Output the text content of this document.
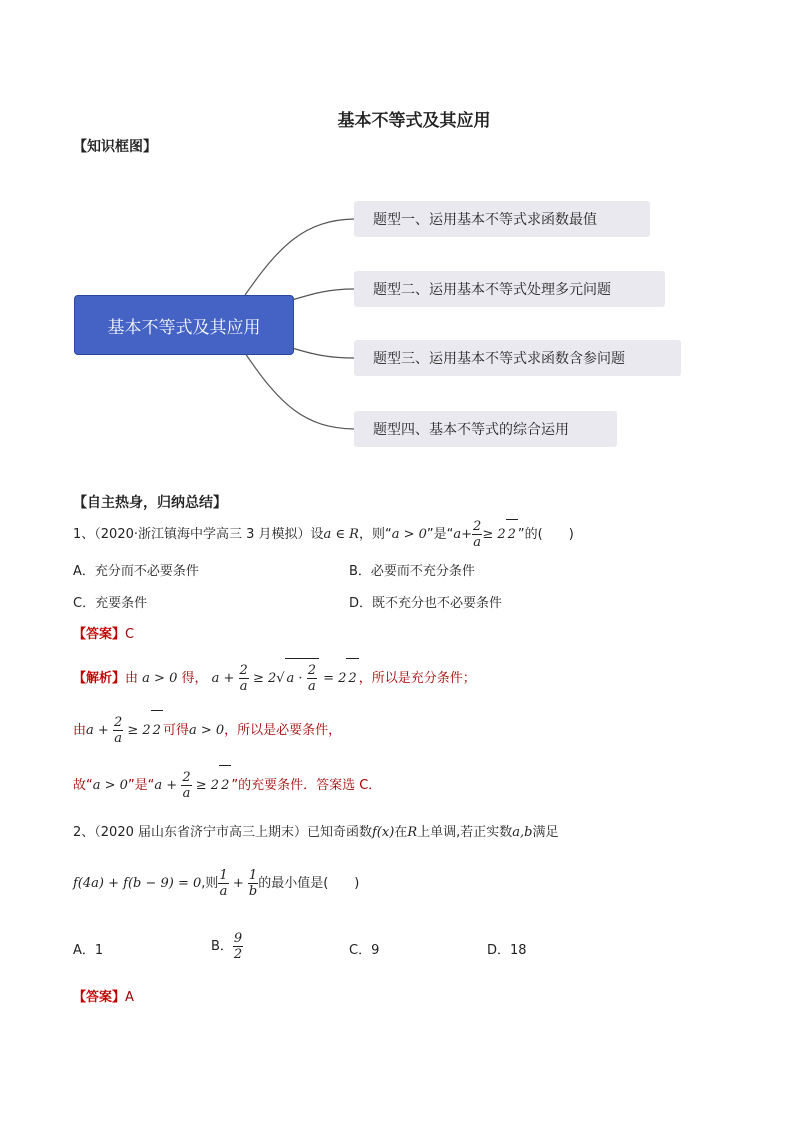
基本不等式及其应用
【知识框图】
基本不等式及其应用
题型一、运用基本不等式求函数最值
题型二、运用基本不等式处理多元问题
题型三、运用基本不等式求函数含参问题
题型四、基本不等式的综合运用
【自主热身，归纳总结】
1、（2020·浙江镇海中学高三 3 月模拟）设a ∈ R，则“a > 0”是“$a+ \frac{2}{a} \ge 2$ 2 ”的(　　)
A．充分而不必要条件	B．必要而不充分条件
C．充要条件	D．既不充分也不必要条件
【答案】C
【解析】由 a > 0 得， $a + \frac{2}{a} \ge 2√$ $a \cdot \frac{2}{a} = 2$ 2 ，所以是充分条件；
由$a + \frac{2}{a} \ge 2$ 2 可得a > 0，所以是必要条件，
故“a > 0”是“$a + \frac{2}{a} \ge 2$ 2 ”的充要条件．答案选 C．
2、（2020 届山东省济宁市高三上期末）已知奇函数f(x)在R上单调,若正实数a,b满足
f(4a) + f(b − 9) = 0,则 $\frac{1}{a} + \frac{1}{b}$ 的最小值是(　　)
A．1	B． $\frac{9}{2}$	C．9	D．18
【答案】A
